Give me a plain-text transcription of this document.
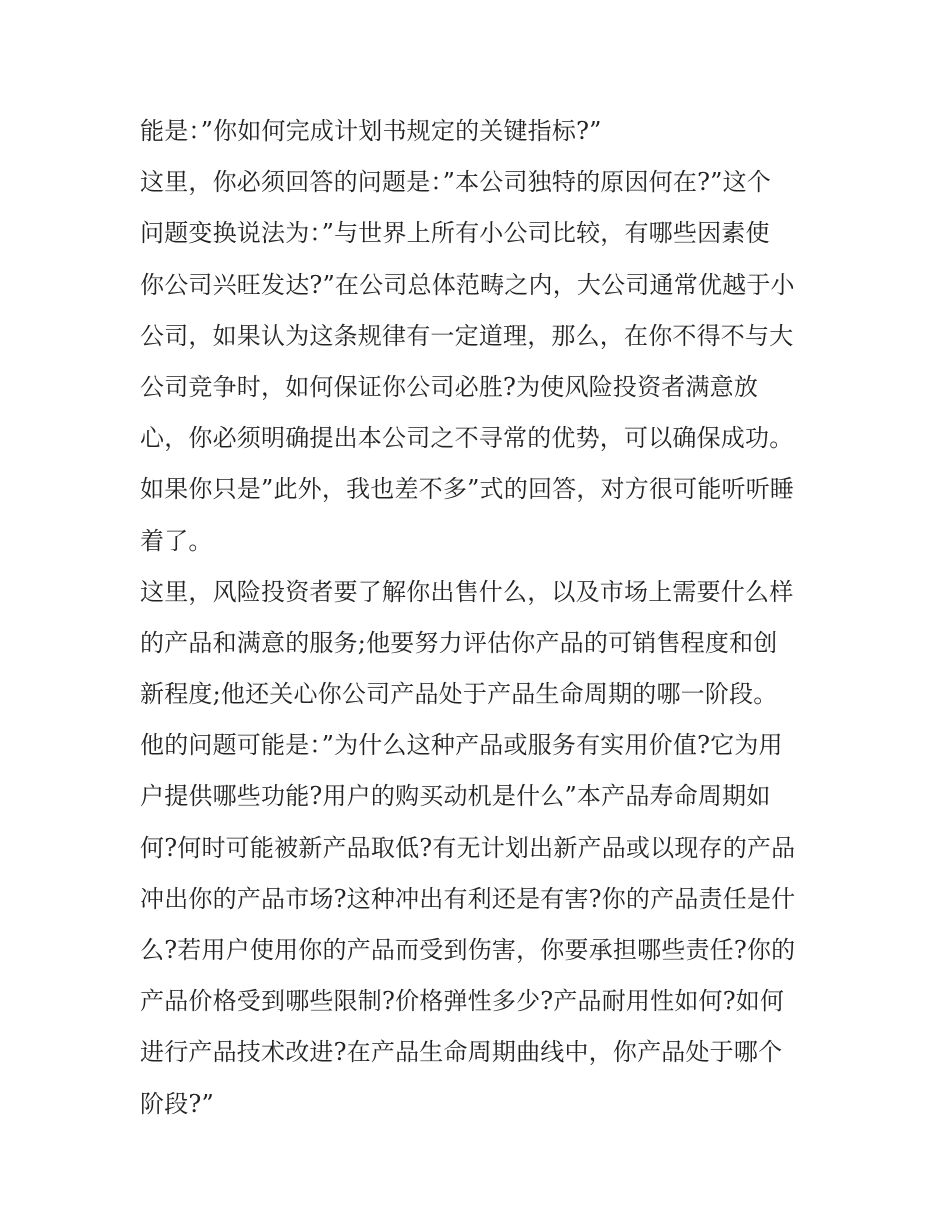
能是：”你如何完成计划书规定的关键指标?”
这里，你必须回答的问题是：”本公司独特的原因何在?”这个
问题变换说法为：”与世界上所有小公司比较，有哪些因素使
你公司兴旺发达?”在公司总体范畴之内，大公司通常优越于小
公司，如果认为这条规律有一定道理，那么，在你不得不与大
公司竞争时，如何保证你公司必胜?为使风险投资者满意放
心，你必须明确提出本公司之不寻常的优势，可以确保成功。
如果你只是”此外，我也差不多”式的回答，对方很可能听听睡
着了。
这里，风险投资者要了解你出售什么，以及市场上需要什么样
的产品和满意的服务;他要努力评估你产品的可销售程度和创
新程度;他还关心你公司产品处于产品生命周期的哪一阶段。
他的问题可能是：”为什么这种产品或服务有实用价值?它为用
户提供哪些功能?用户的购买动机是什么”本产品寿命周期如
何?何时可能被新产品取低?有无计划出新产品或以现存的产品
冲出你的产品市场?这种冲出有利还是有害?你的产品责任是什
么?若用户使用你的产品而受到伤害，你要承担哪些责任?你的
产品价格受到哪些限制?价格弹性多少?产品耐用性如何?如何
进行产品技术改进?在产品生命周期曲线中，你产品处于哪个
阶段?”
